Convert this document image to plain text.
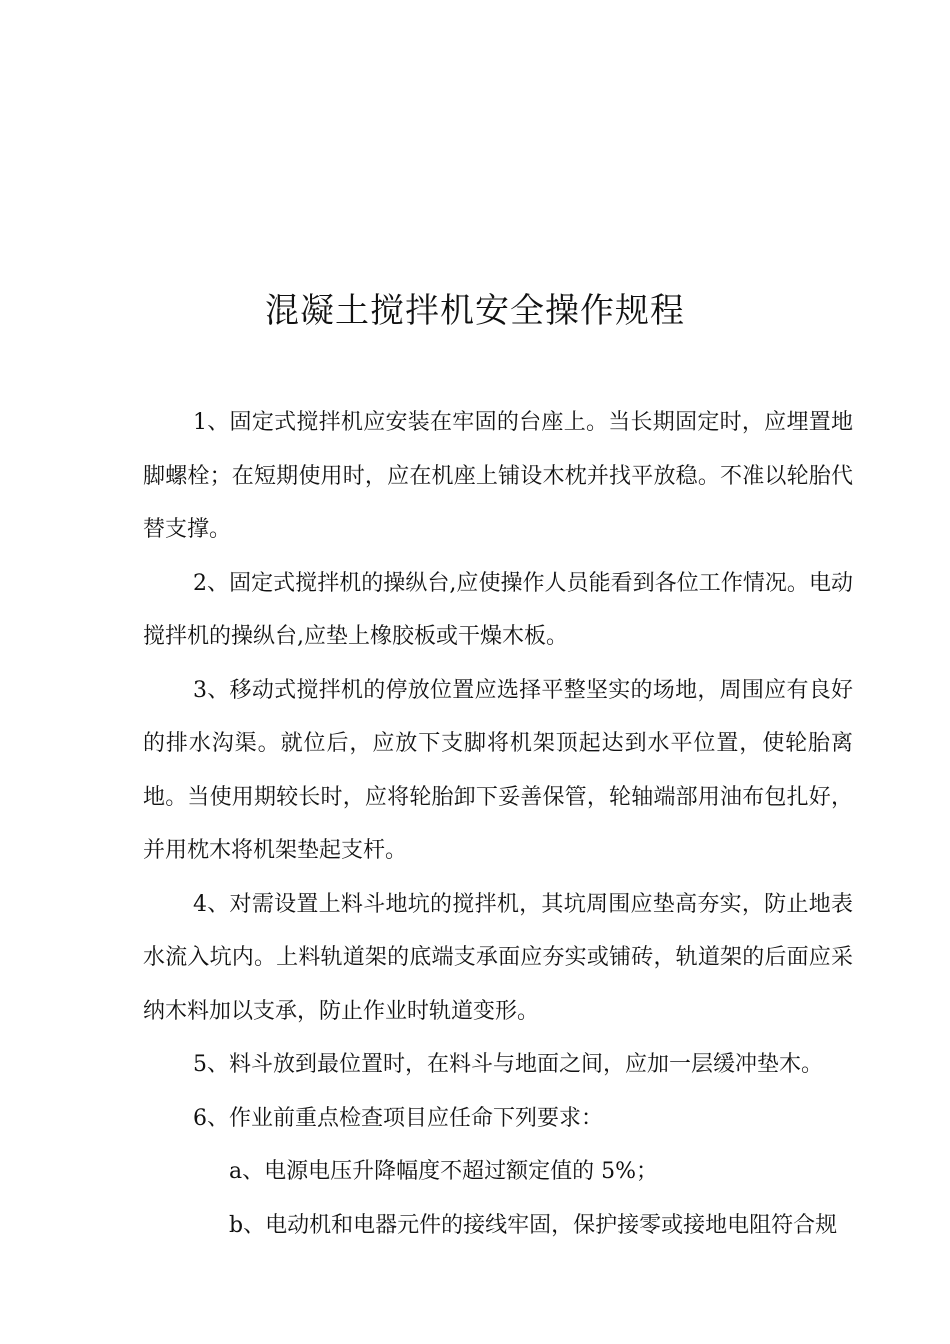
混凝土搅拌机安全操作规程

1、固定式搅拌机应安装在牢固的台座上。当长期固定时，应埋置地脚螺栓；在短期使用时，应在机座上铺设木枕并找平放稳。不准以轮胎代替支撑。

2、固定式搅拌机的操纵台,应使操作人员能看到各位工作情况。电动搅拌机的操纵台,应垫上橡胶板或干燥木板。

3、移动式搅拌机的停放位置应选择平整坚实的场地，周围应有良好的排水沟渠。就位后，应放下支脚将机架顶起达到水平位置，使轮胎离地。当使用期较长时，应将轮胎卸下妥善保管，轮轴端部用油布包扎好，并用枕木将机架垫起支杆。

4、对需设置上料斗地坑的搅拌机，其坑周围应垫高夯实，防止地表水流入坑内。上料轨道架的底端支承面应夯实或铺砖，轨道架的后面应采纳木料加以支承，防止作业时轨道变形。

5、料斗放到最位置时，在料斗与地面之间，应加一层缓冲垫木。

6、作业前重点检查项目应任命下列要求：

a、电源电压升降幅度不超过额定值的 5%；

b、电动机和电器元件的接线牢固，保护接零或接地电阻符合规
